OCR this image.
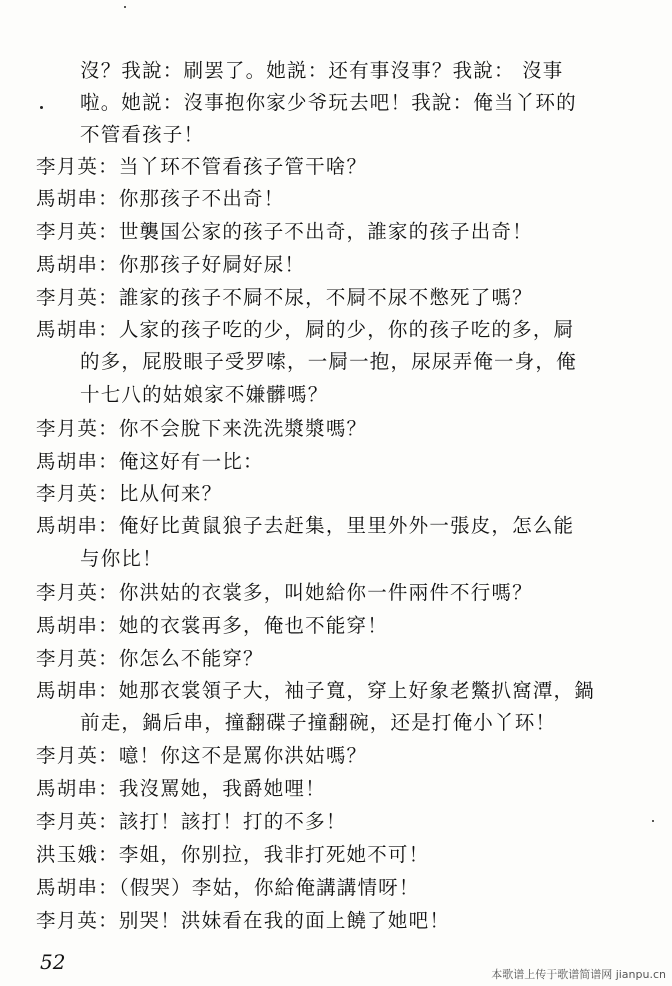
沒？我說：刷罢了。她説：还有事沒事？我說： 沒事
啦。她説：沒事抱你家少爷玩去吧！我說：俺当丫环的
不管看孩子！
李月英：当丫环不管看孩子管干啥？
馬胡串：你那孩子不出奇！
李月英：世襲国公家的孩子不出奇，誰家的孩子出奇！
馬胡串：你那孩子好屙好尿！
李月英：誰家的孩子不屙不尿，不屙不尿不憋死了嗎？
馬胡串：人家的孩子吃的少，屙的少，你的孩子吃的多，屙
的多，屁股眼子受罗嗦，一屙一抱，尿尿弄俺一身，俺
十七八的姑娘家不嫌髒嗎？
李月英：你不会脫下来洗洗漿漿嗎？
馬胡串：俺这好有一比：
李月英：比从何来？
馬胡串：俺好比黄鼠狼子去赶集，里里外外一張皮，怎么能
与你比！
李月英：你洪姑的衣裳多，叫她給你一件兩件不行嗎？
馬胡串：她的衣裳再多，俺也不能穿！
李月英：你怎么不能穿？
馬胡串：她那衣裳領子大，袖子寬，穿上好象老鱉扒窩潭，鍋
前走，鍋后串，撞翻碟子撞翻碗，还是打俺小丫环！
李月英：噫！你这不是罵你洪姑嗎？
馬胡串：我沒罵她，我爵她哩！
李月英：該打！該打！打的不多！
洪玉娥：李姐，你别拉，我非打死她不可！
馬胡串：（假哭）李姑，你給俺講講情呀！
李月英：别哭！洪妹看在我的面上饒了她吧！
52
本歌谱上传于歌谱简谱网 jianpu.cn
